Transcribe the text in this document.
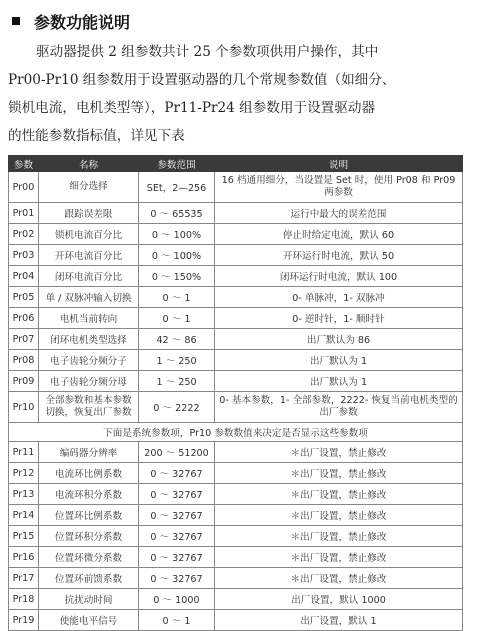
参数功能说明

驱动器提供 2 组参数共计 25 个参数项供用户操作，其中

Pr00-Pr10 组参数用于设置驱动器的几个常规参数值（如细分、

锁机电流，电机类型等），Pr11-Pr24 组参数用于设置驱动器

的性能参数指标值，详见下表

参数	名称	参数范围	说明
Pr00	细分选择	SEt，2—256	16 档通用细分，当设置是 Set 时，使用 Pr08 和 Pr09 两参数
Pr01	跟踪误差限	0 ～ 65535	运行中最大的误差范围
Pr02	锁机电流百分比	0 ～ 100%	停止时给定电流，默认 60
Pr03	开环电流百分比	0 ～ 100%	开环运行时电流，默认 50
Pr04	闭环电流百分比	0 ～ 150%	闭环运行时电流，默认 100
Pr05	单 / 双脉冲输入切换	0 ～ 1	0- 单脉冲，1- 双脉冲
Pr06	电机当前转向	0 ～ 1	0- 逆时针，1- 顺时针
Pr07	闭环电机类型选择	42 ～ 86	出厂默认为 86
Pr08	电子齿轮分频分子	1 ～ 250	出厂默认为 1
Pr09	电子齿轮分频分母	1 ～ 250	出厂默认为 1
Pr10	全部参数和基本参数切换，恢复出厂参数	0 ～ 2222	0- 基本参数，1- 全部参数，2222- 恢复当前电机类型的出厂参数
下面是系统参数项，Pr10 参数数值来决定是否显示这些参数项			
Pr11	编码器分辨率	200 ～ 51200	＊出厂设置，禁止修改
Pr12	电流环比例系数	0 ～ 32767	＊出厂设置，禁止修改
Pr13	电流环积分系数	0 ～ 32767	＊出厂设置，禁止修改
Pr14	位置环比例系数	0 ～ 32767	＊出厂设置，禁止修改
Pr15	位置环积分系数	0 ～ 32767	＊出厂设置，禁止修改
Pr16	位置环微分系数	0 ～ 32767	＊出厂设置，禁止修改
Pr17	位置环前馈系数	0 ～ 32767	＊出厂设置，禁止修改
Pr18	抗扰动时间	0 ～ 1000	出厂设置，默认 1000
Pr19	使能电平信号	0 ～ 1	出厂设置，默认 1
